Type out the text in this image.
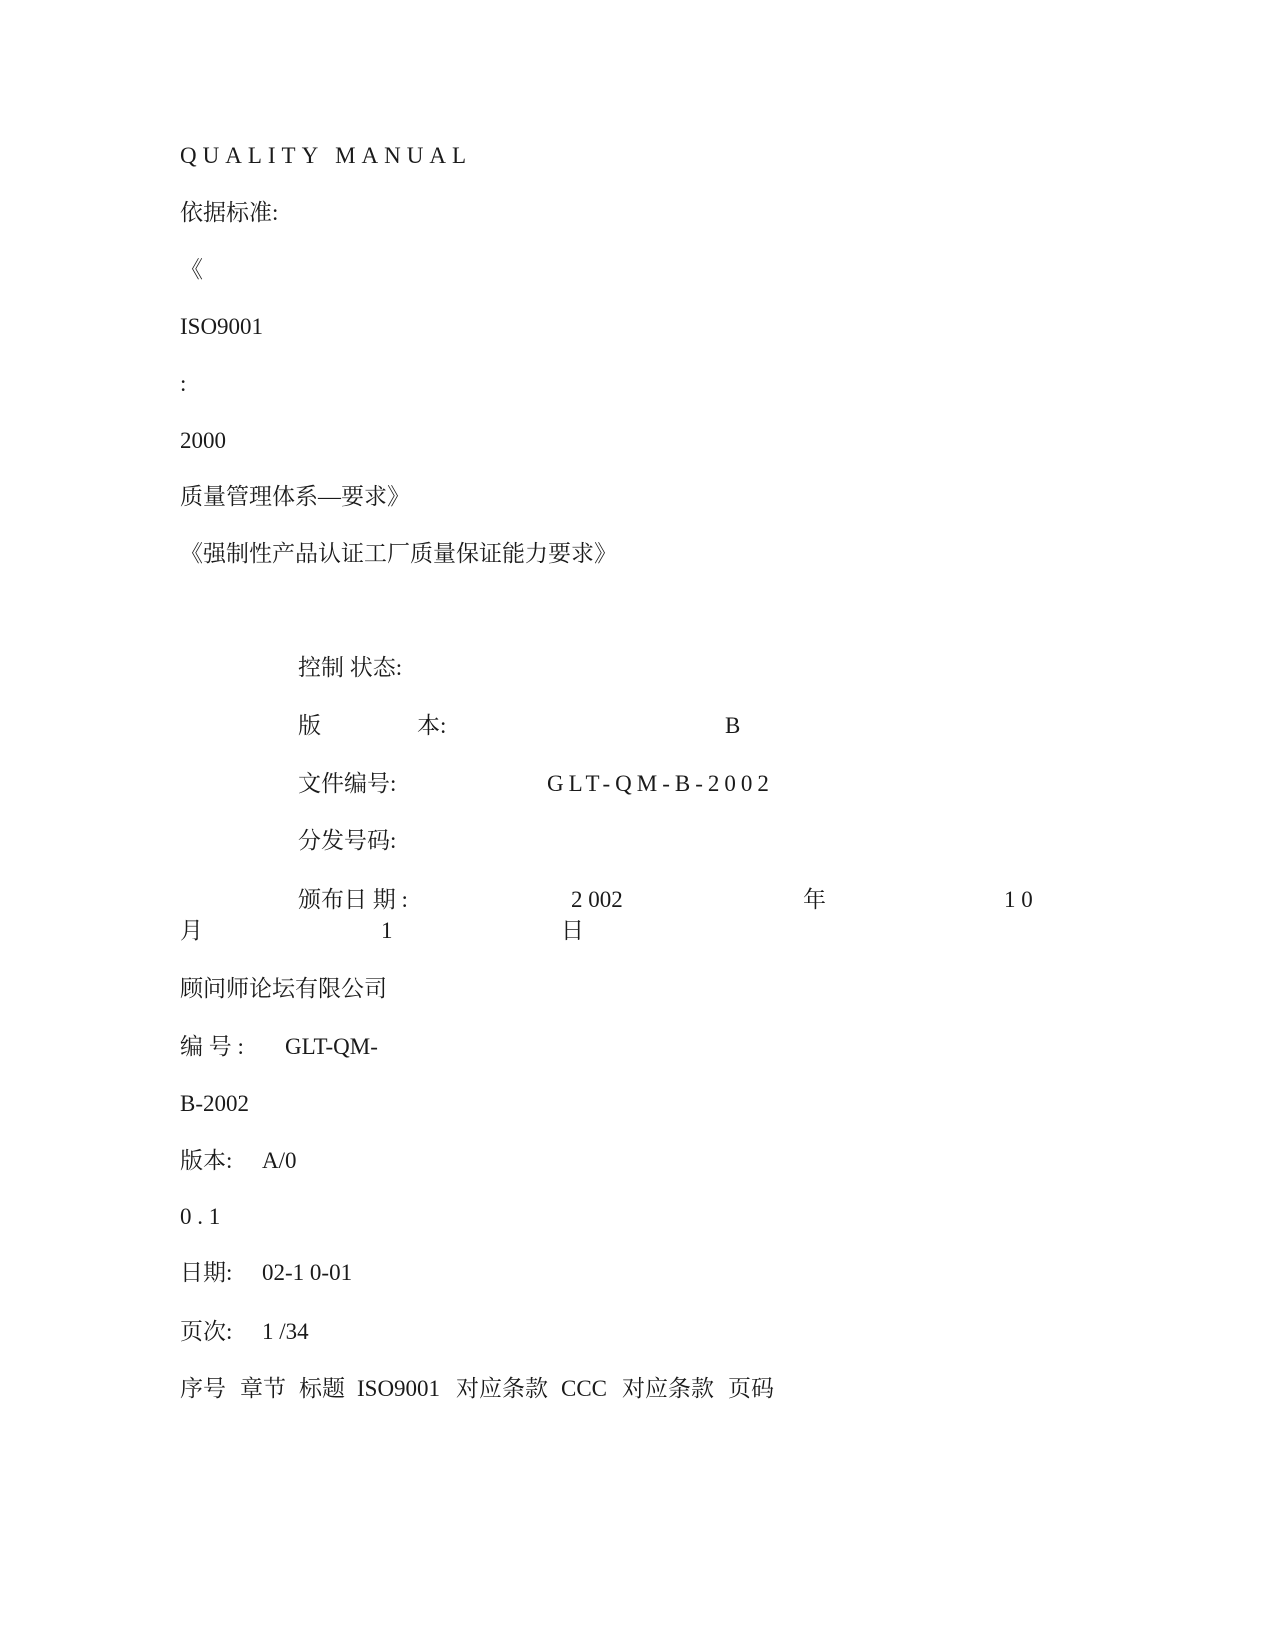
QUALITY MANUAL
依据标准:
《
ISO9001
:
2000
质量管理体系—要求》
《强制性产品认证工厂质量保证能力要求》
控制 状态:
版	本:	B
文件编号:	GLT-QM-B-2002
分发号码:
颁布日 期 :	2 002	年	1 0
月	1	日
顾问师论坛有限公司
编 号 : GLT-QM-
B-2002
版本: A/0
0 . 1
日期: 02-1 0-01
页次: 1 /34
序号 章节 标题 ISO9001 对应条款 CCC 对应条款 页码
